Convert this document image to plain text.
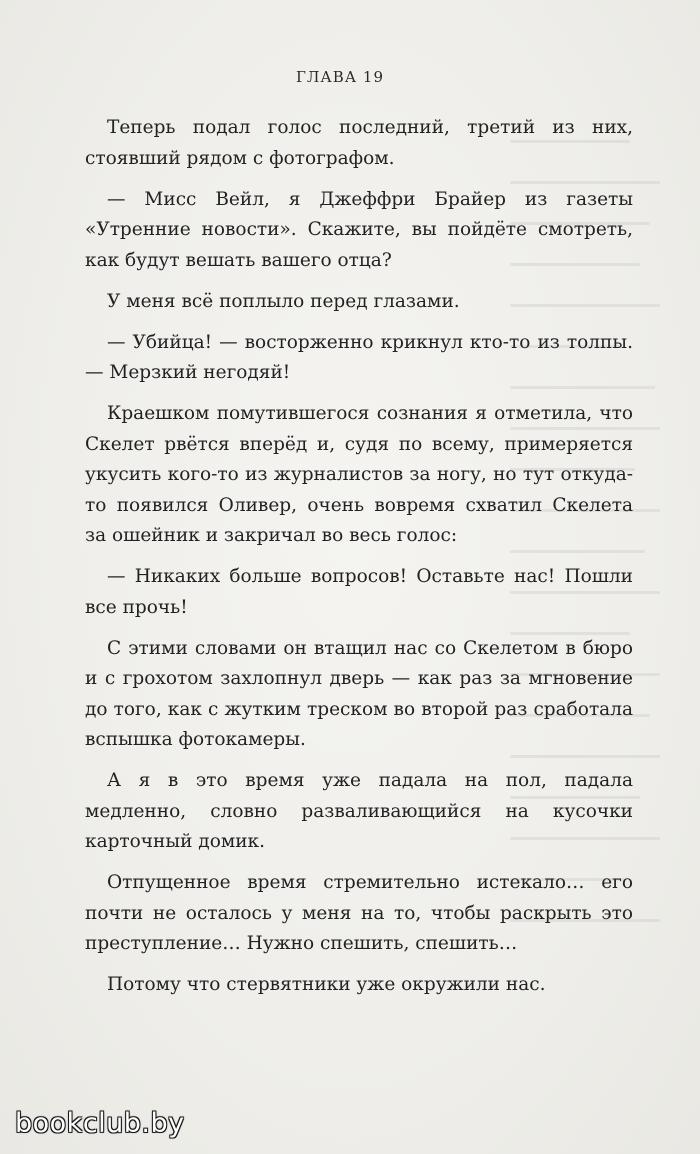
ГЛАВА 19

Теперь подал голос последний, третий из них, стоявший рядом с фотографом.

— Мисс Вейл, я Джеффри Брайер из газеты «Утренние новости». Скажите, вы пойдёте смотреть, как будут вешать вашего отца?

У меня всё поплыло перед глазами.

— Убийца! — восторженно крикнул кто-то из толпы. — Мерзкий негодяй!

Краешком помутившегося сознания я отметила, что Скелет рвётся вперёд и, судя по всему, примеряется укусить кого-то из журналистов за ногу, но тут откуда-то появился Оливер, очень вовремя схватил Скелета за ошейник и закричал во весь голос:

— Никаких больше вопросов! Оставьте нас! Пошли все прочь!

С этими словами он втащил нас со Скелетом в бюро и с грохотом захлопнул дверь — как раз за мгновение до того, как с жутким треском во второй раз сработала вспышка фотокамеры.

А я в это время уже падала на пол, падала медленно, словно разваливающийся на кусочки карточный домик.

Отпущенное время стремительно истекало… его почти не осталось у меня на то, чтобы раскрыть это преступление… Нужно спешить, спешить…

Потому что стервятники уже окружили нас.

bookclub.by
